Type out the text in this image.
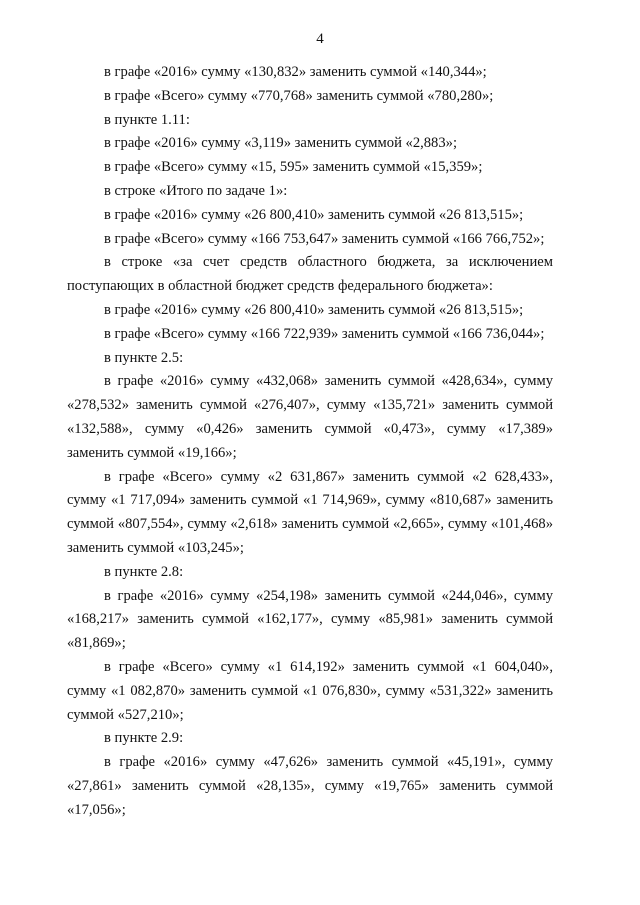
4

в графе «2016» сумму «130,832» заменить суммой «140,344»;

в графе «Всего» сумму «770,768» заменить суммой «780,280»;

в пункте 1.11:

в графе «2016» сумму «3,119» заменить суммой «2,883»;

в графе «Всего» сумму «15, 595» заменить суммой «15,359»;

в строке «Итого по задаче 1»:

в графе «2016» сумму «26 800,410» заменить суммой «26 813,515»;

в графе «Всего» сумму «166 753,647» заменить суммой «166 766,752»;

в строке «за счет средств областного бюджета, за исключением поступающих в областной бюджет средств федерального бюджета»:

в графе «2016» сумму «26 800,410» заменить суммой «26 813,515»;

в графе «Всего» сумму «166 722,939» заменить суммой «166 736,044»;

в пункте 2.5:

в графе «2016» сумму «432,068» заменить суммой «428,634», сумму «278,532» заменить суммой «276,407», сумму «135,721» заменить суммой «132,588», сумму «0,426» заменить суммой «0,473», сумму «17,389» заменить суммой «19,166»;

в графе «Всего» сумму «2 631,867» заменить суммой «2 628,433», сумму «1 717,094» заменить суммой «1 714,969», сумму «810,687» заменить суммой «807,554», сумму «2,618» заменить суммой «2,665», сумму «101,468» заменить суммой «103,245»;

в пункте 2.8:

в графе «2016» сумму «254,198» заменить суммой «244,046», сумму «168,217» заменить суммой «162,177», сумму «85,981» заменить суммой «81,869»;

в графе «Всего» сумму «1 614,192» заменить суммой «1 604,040», сумму «1 082,870» заменить суммой «1 076,830», сумму «531,322» заменить суммой «527,210»;

в пункте 2.9:

в графе «2016» сумму «47,626» заменить суммой «45,191», сумму «27,861» заменить суммой «28,135», сумму «19,765» заменить суммой «17,056»;
